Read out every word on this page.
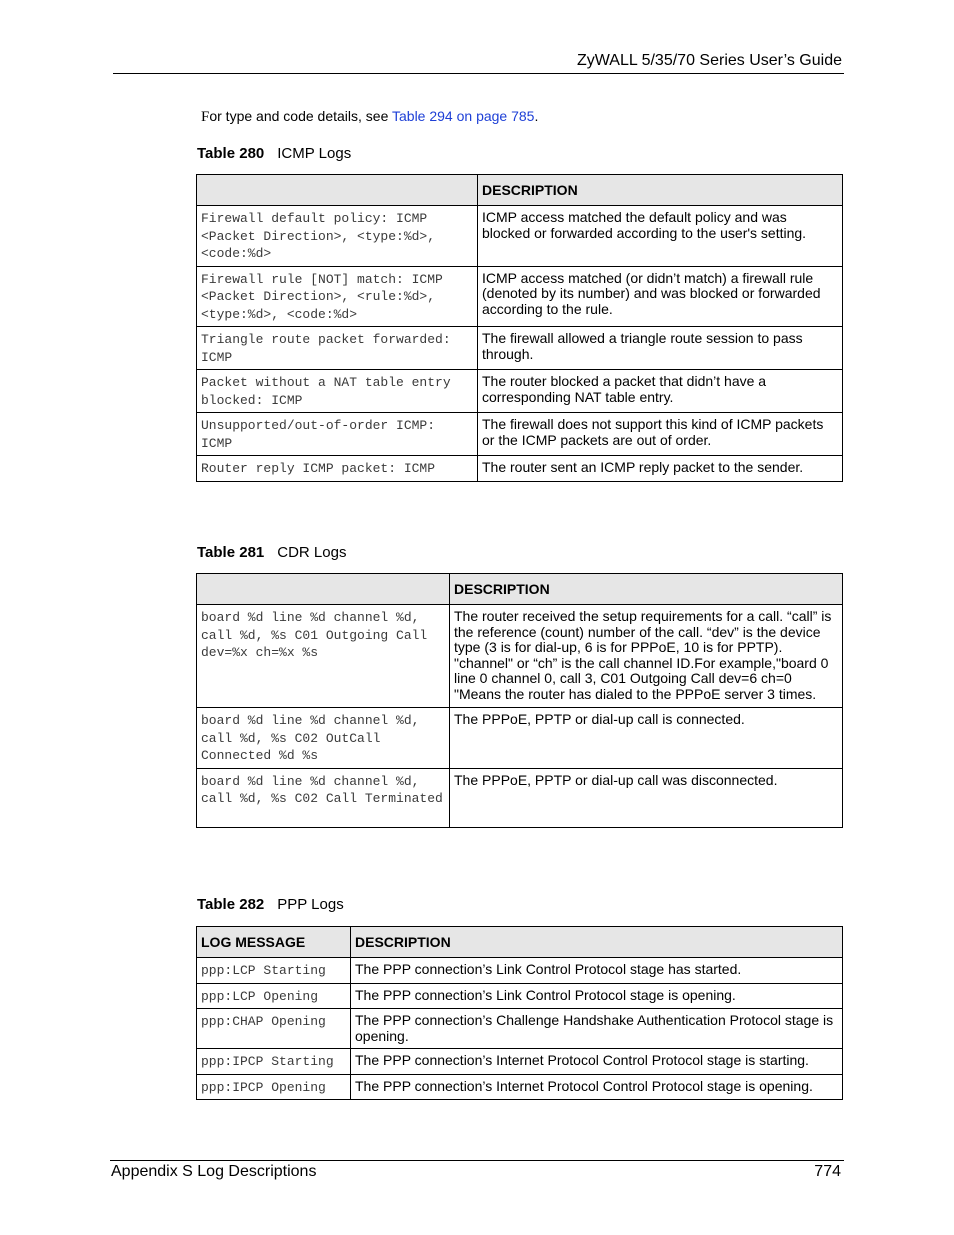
ZyWALL 5/35/70 Series User’s Guide
For type and code details, see Table 294 on page 785.
Table 280 ICMP Logs
	DESCRIPTION
Firewall default policy: ICMP <Packet Direction>, <type:%d>, <code:%d>	ICMP access matched the default policy and was blocked or forwarded according to the user's setting.
Firewall rule [NOT] match: ICMP <Packet Direction>, <rule:%d>, <type:%d>, <code:%d>	ICMP access matched (or didn’t match) a firewall rule (denoted by its number) and was blocked or forwarded according to the rule.
Triangle route packet forwarded: ICMP	The firewall allowed a triangle route session to pass through.
Packet without a NAT table entry blocked: ICMP	The router blocked a packet that didn’t have a corresponding NAT table entry.
Unsupported/out-of-order ICMP: ICMP	The firewall does not support this kind of ICMP packets or the ICMP packets are out of order.
Router reply ICMP packet: ICMP	The router sent an ICMP reply packet to the sender.
Table 281 CDR Logs
	DESCRIPTION
board %d line %d channel %d, call %d, %s C01 Outgoing Call dev=%x ch=%x %s	The router received the setup requirements for a call. “call” is the reference (count) number of the call. “dev” is the device type (3 is for dial-up, 6 is for PPPoE, 10 is for PPTP). "channel" or “ch” is the call channel ID.For example,"board 0 line 0 channel 0, call 3, C01 Outgoing Call dev=6 ch=0 "Means the router has dialed to the PPPoE server 3 times.
board %d line %d channel %d, call %d, %s C02 OutCall Connected %d %s	The PPPoE, PPTP or dial-up call is connected.
board %d line %d channel %d, call %d, %s C02 Call Terminated	The PPPoE, PPTP or dial-up call was disconnected.
Table 282 PPP Logs
LOG MESSAGE	DESCRIPTION
ppp:LCP Starting	The PPP connection’s Link Control Protocol stage has started.
ppp:LCP Opening	The PPP connection’s Link Control Protocol stage is opening.
ppp:CHAP Opening	The PPP connection’s Challenge Handshake Authentication Protocol stage is opening.
ppp:IPCP Starting	The PPP connection’s Internet Protocol Control Protocol stage is starting.
ppp:IPCP Opening	The PPP connection’s Internet Protocol Control Protocol stage is opening.
Appendix S Log Descriptions	774
